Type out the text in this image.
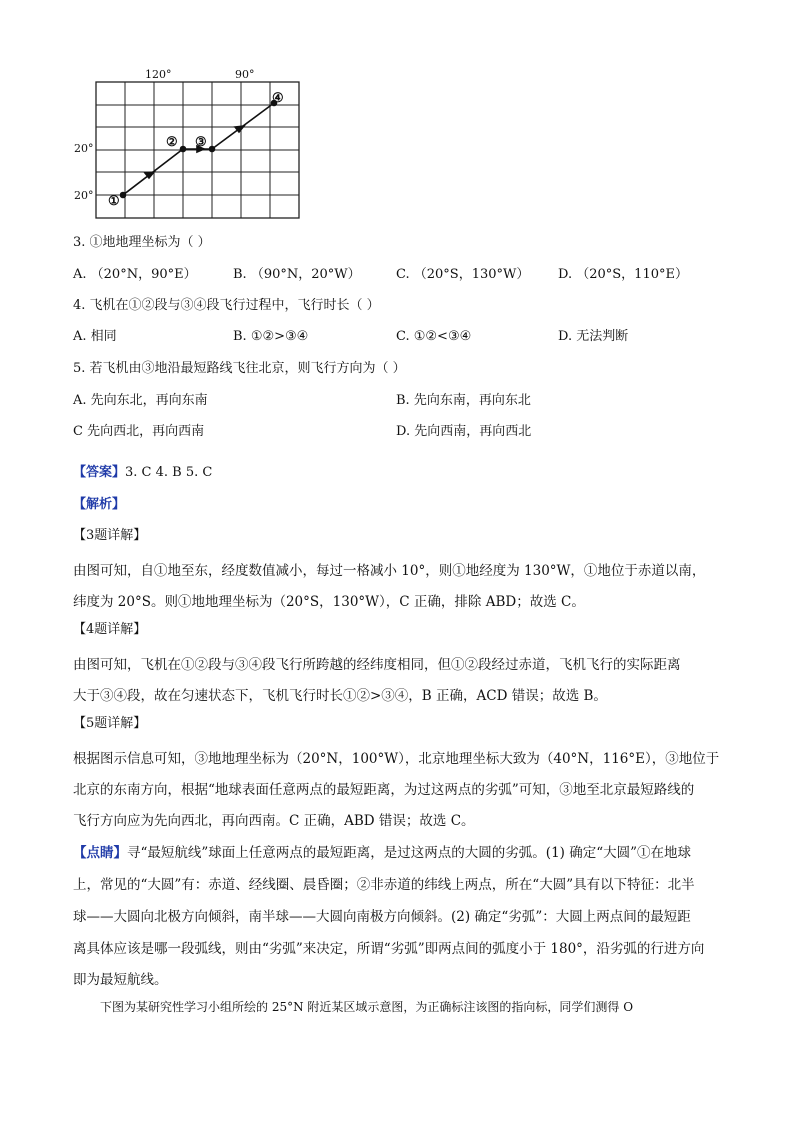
120°	90°
20°
20° ①
② ③
④
3. ①地地理坐标为（ ）
A. （20°N，90°E）	B. （90°N，20°W）	C. （20°S，130°W） D. （20°S，110°E）
4. 飞机在①②段与③④段飞行过程中，飞行时长（ ）
A. 相同	B. ①②>③④	C. ①②<③④	D. 无法判断
5. 若飞机由③地沿最短路线飞往北京，则飞行方向为（ ）
A. 先向东北，再向东南	B. 先向东南，再向东北
C 先向西北，再向西南	D. 先向西南，再向西北
【答案】3. C 4. B 5. C
【解析】
【3题详解】
由图可知，自①地至东，经度数值减小，每过一格减小 10°，则①地经度为 130°W，①地位于赤道以南，
纬度为 20°S。则①地地理坐标为（20°S，130°W），C 正确，排除 ABD；故选 C。
【4题详解】
由图可知，飞机在①②段与③④段飞行所跨越的经纬度相同，但①②段经过赤道，飞机飞行的实际距离
大于③④段，故在匀速状态下，飞机飞行时长①②>③④，B 正确，ACD 错误；故选 B。
【5题详解】
根据图示信息可知，③地地理坐标为（20°N，100°W），北京地理坐标大致为（40°N，116°E），③地位于
北京的东南方向，根据“地球表面任意两点的最短距离，为过这两点的劣弧”可知，③地至北京最短路线的
飞行方向应为先向西北，再向西南。C 正确，ABD 错误；故选 C。
【点睛】寻“最短航线”球面上任意两点的最短距离，是过这两点的大圆的劣弧。(1) 确定“大圆”①在地球
上，常见的“大圆”有：赤道、经线圈、晨昏圈；②非赤道的纬线上两点，所在“大圆”具有以下特征：北半
球——大圆向北极方向倾斜，南半球——大圆向南极方向倾斜。(2) 确定“劣弧”：大圆上两点间的最短距
离具体应该是哪一段弧线，则由“劣弧”来决定，所谓“劣弧”即两点间的弧度小于 180°，沿劣弧的行进方向
即为最短航线。
下图为某研究性学习小组所绘的 25°N 附近某区域示意图，为正确标注该图的指向标，同学们测得 O
